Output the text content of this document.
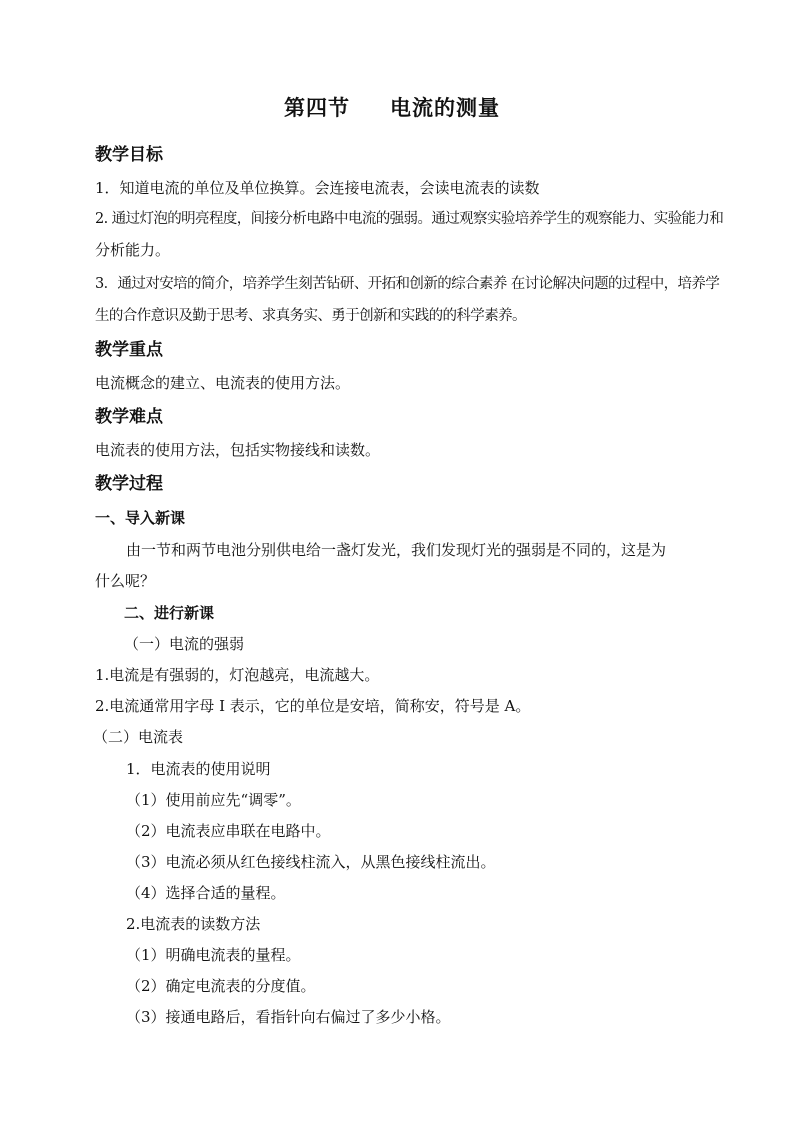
第四节 电流的测量
教学目标
1．知道电流的单位及单位换算。会连接电流表，会读电流表的读数
2. 通过灯泡的明亮程度，间接分析电路中电流的强弱。通过观察实验培养学生的观察能力、实验能力和
分析能力。
3．通过对安培的简介，培养学生刻苦钻研、开拓和创新的综合素养 在讨论解决问题的过程中，培养学
生的合作意识及勤于思考、求真务实、勇于创新和实践的的科学素养。
教学重点
电流概念的建立、电流表的使用方法。
教学难点
电流表的使用方法，包括实物接线和读数。
教学过程
一、导入新课
由一节和两节电池分别供电给一盏灯发光，我们发现灯光的强弱是不同的，这是为
什么呢？
二、进行新课
（一）电流的强弱
1.电流是有强弱的，灯泡越亮，电流越大。
2.电流通常用字母 I 表示，它的单位是安培，简称安，符号是 A。
（二）电流表
1．电流表的使用说明
（1）使用前应先“调零”。
（2）电流表应串联在电路中。
（3）电流必须从红色接线柱流入，从黑色接线柱流出。
（4）选择合适的量程。
2.电流表的读数方法
（1）明确电流表的量程。
（2）确定电流表的分度值。
（3）接通电路后，看指针向右偏过了多少小格。
